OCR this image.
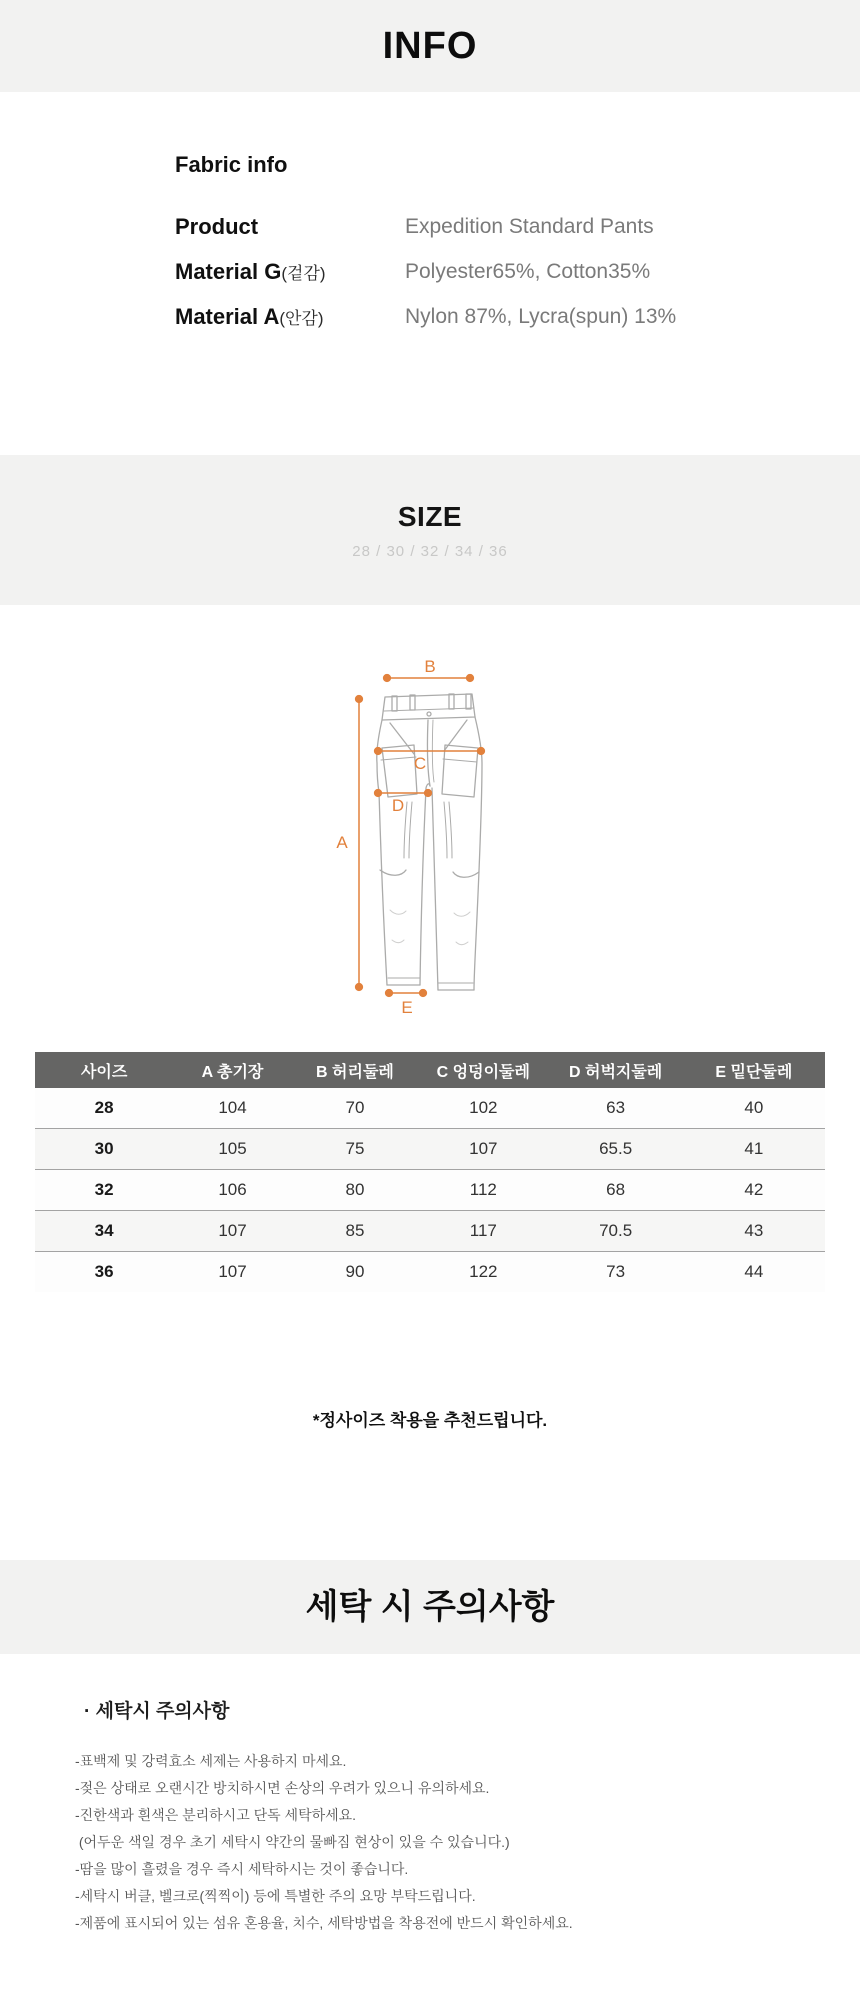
INFO
Fabric info
Product	Expedition Standard Pants
Material G(겉감)	Polyester65%, Cotton35%
Material A(안감)	Nylon 87%, Lycra(spun) 13%
SIZE
28 / 30 / 32 / 34 / 36
B
A
C
D
E
사이즈	A 총기장	B 허리둘레	C 엉덩이둘레	D 허벅지둘레	E 밑단둘레
28	104	70	102	63	40
30	105	75	107	65.5	41
32	106	80	112	68	42
34	107	85	117	70.5	43
36	107	90	122	73	44
*정사이즈 착용을 추천드립니다.
세탁 시 주의사항
· 세탁시 주의사항
-표백제 및 강력효소 세제는 사용하지 마세요.
-젖은 상태로 오랜시간 방치하시면 손상의 우려가 있으니 유의하세요.
-진한색과 흰색은 분리하시고 단독 세탁하세요.
(어두운 색일 경우 초기 세탁시 약간의 물빠짐 현상이 있을 수 있습니다.)
-땀을 많이 흘렸을 경우 즉시 세탁하시는 것이 좋습니다.
-세탁시 버클, 벨크로(찍찍이) 등에 특별한 주의 요망 부탁드립니다.
-제품에 표시되어 있는 섬유 혼용율, 치수, 세탁방법을 착용전에 반드시 확인하세요.
